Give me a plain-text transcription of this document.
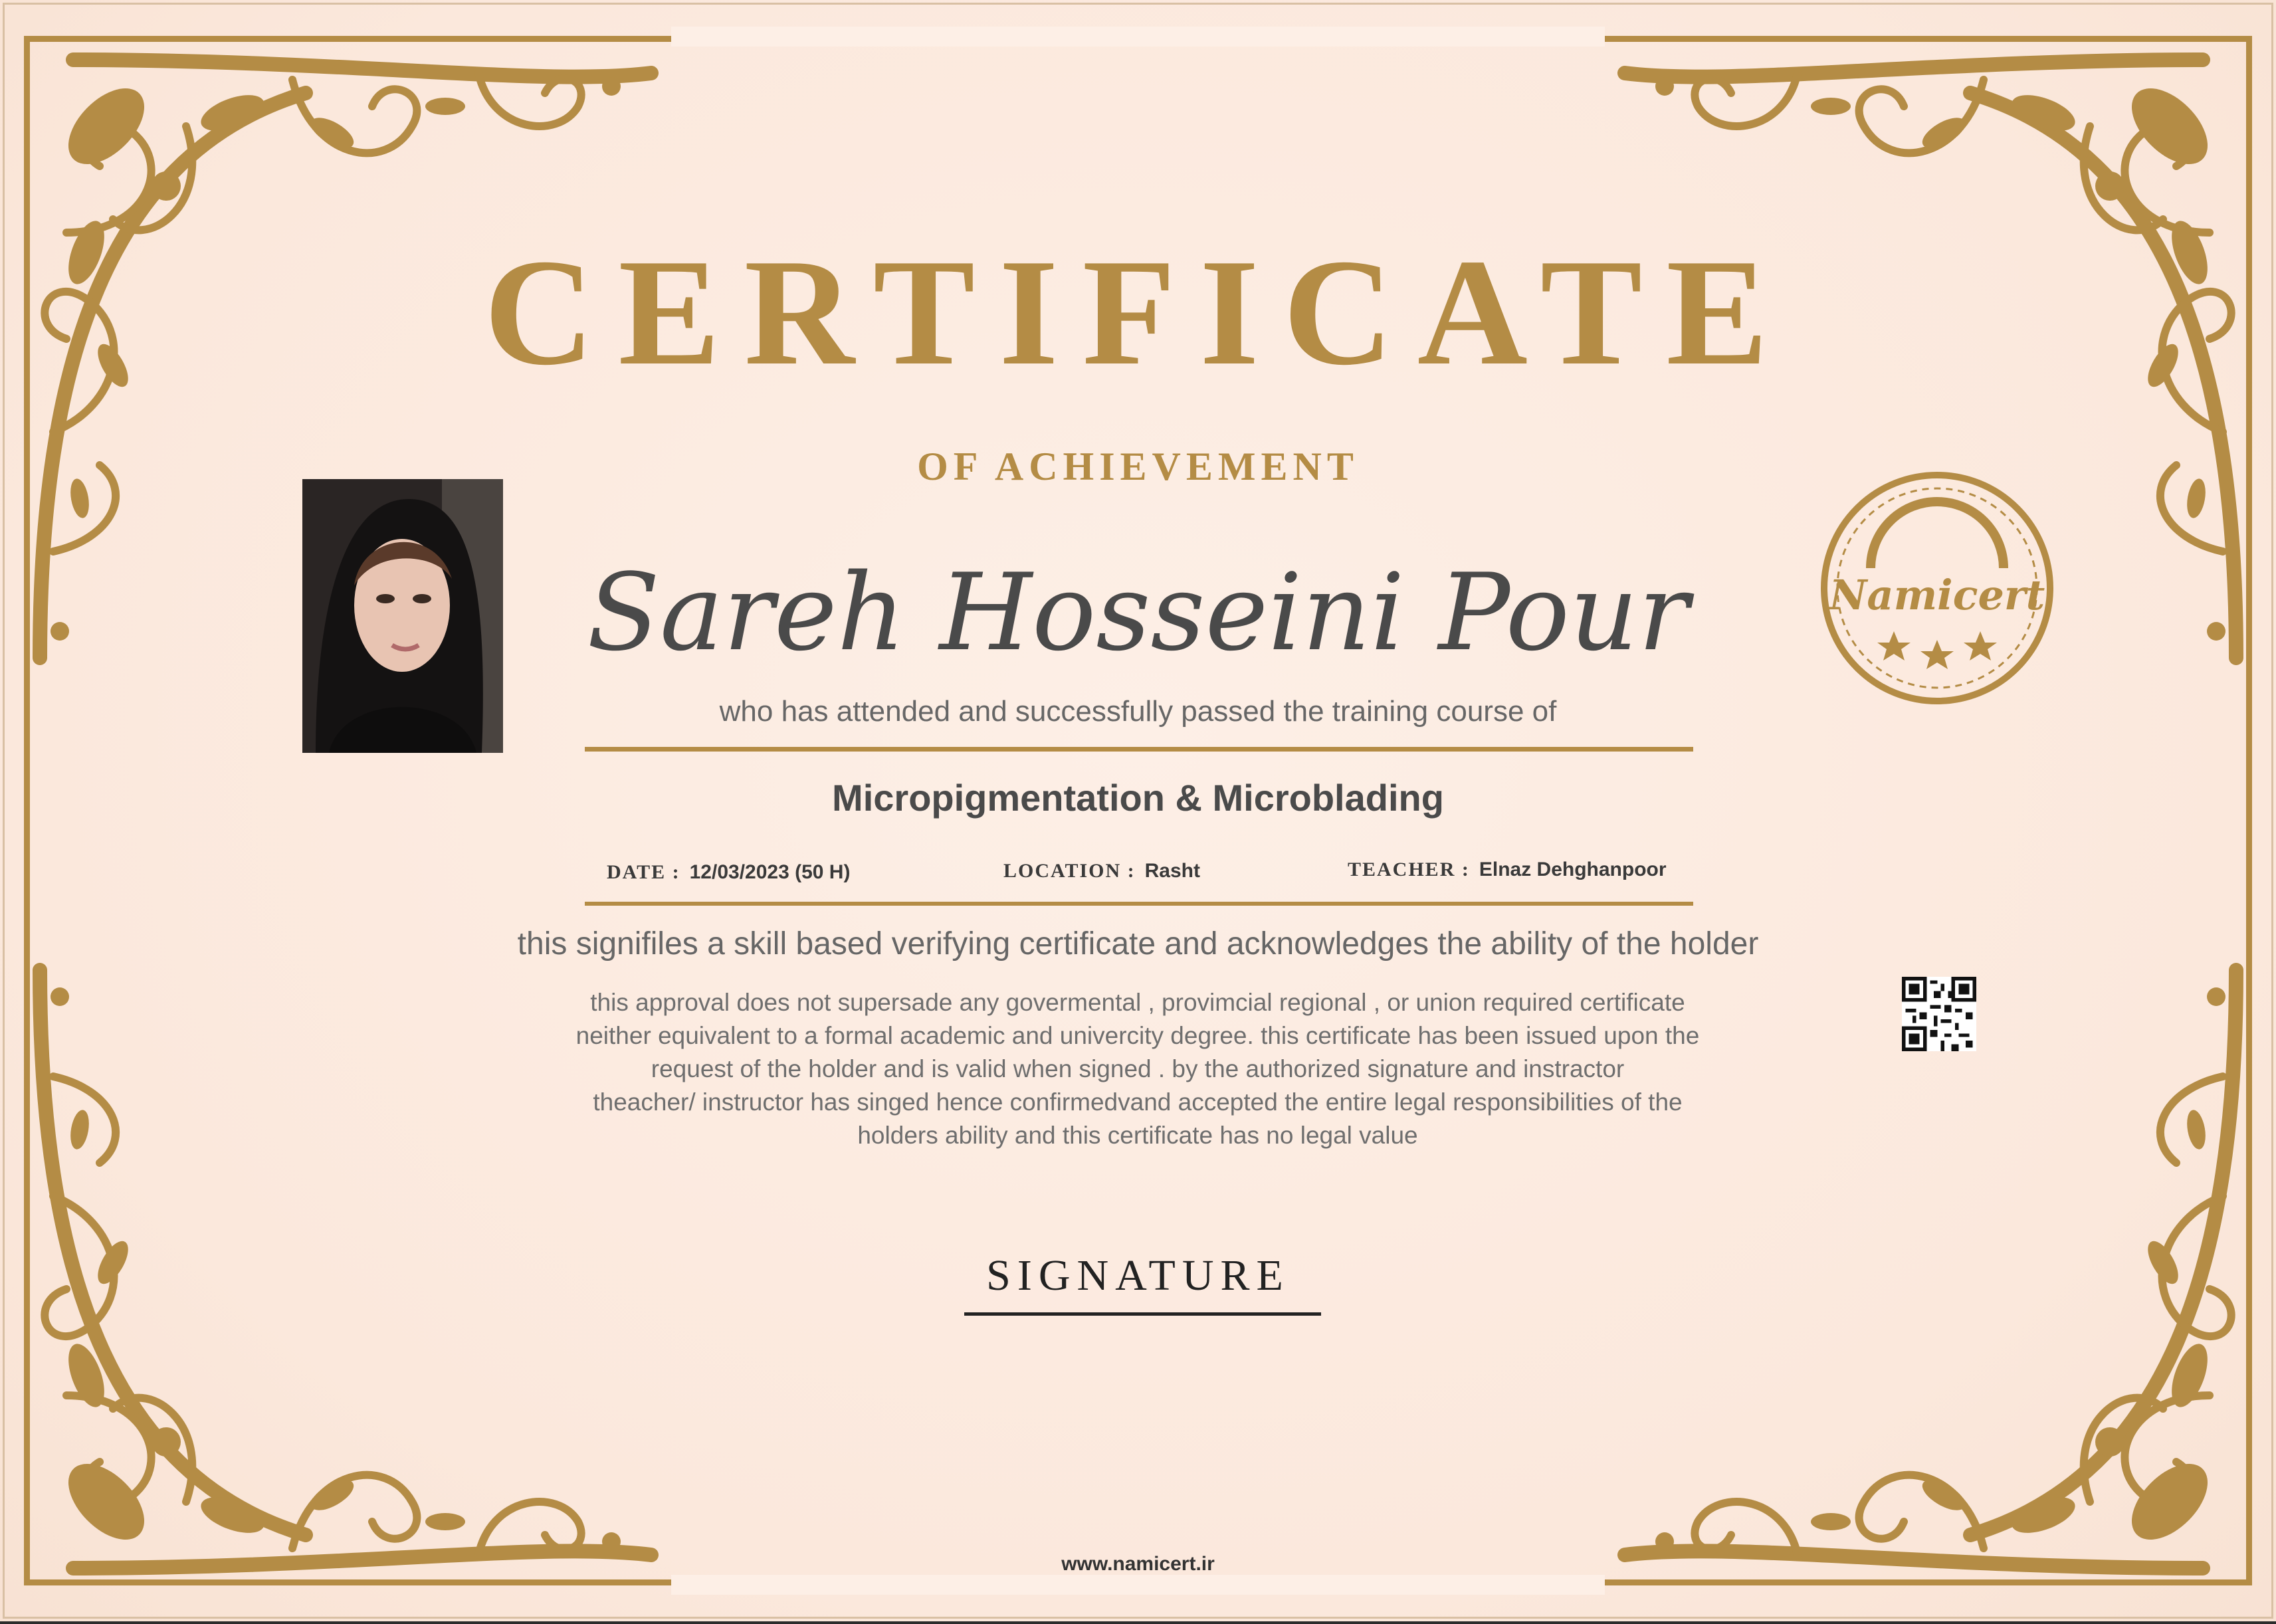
CERTIFICATE
OF ACHIEVEMENT
Sareh Hosseini Pour
who has attended and successfully passed the training course of
Micropigmentation & Microblading
DATE : 12/03/2023 (50 H)	LOCATION : Rasht	TEACHER : Elnaz Dehghanpoor
this signifiles a skill based verifying certificate and acknowledges the ability of the holder
this approval does not supersade any govermental , provimcial regional , or union required certificate
neither equivalent to a formal academic and univercity degree. this certificate has been issued upon the
request of the holder and is valid when signed . by the authorized signature and instractor
theacher/ instructor has singed hence confirmedvand accepted the entire legal responsibilities of the
holders ability and this certificate has no legal value
SIGNATURE
www.namicert.ir
Namicert
